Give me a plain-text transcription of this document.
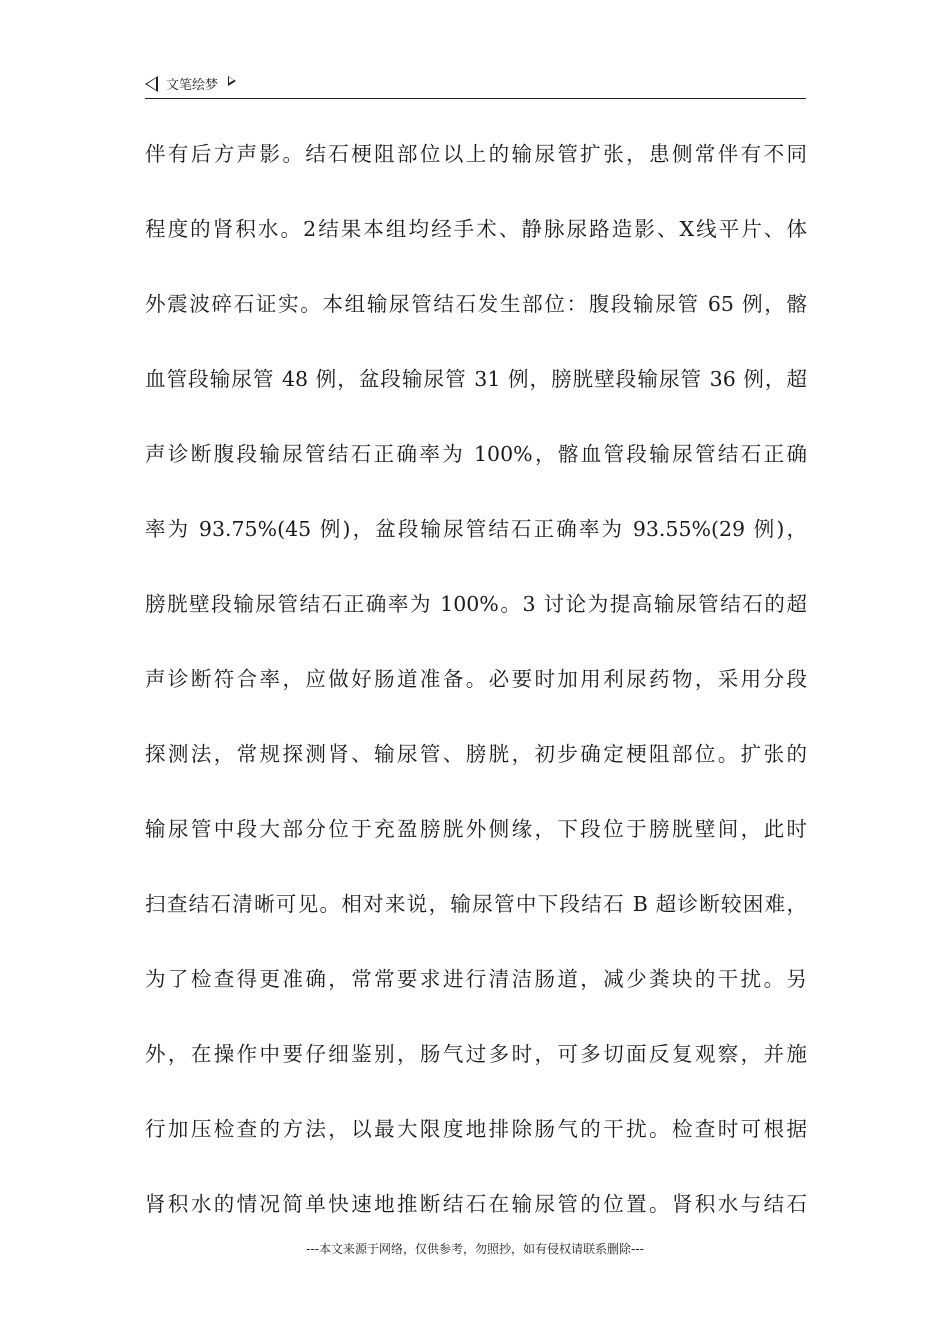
文笔绘梦
伴有后方声影。结石梗阻部位以上的输尿管扩张，患侧常伴有不同
程度的肾积水。2结果本组均经手术、静脉尿路造影、X线平片、体
外震波碎石证实。本组输尿管结石发生部位：腹段输尿管 65 例，髂
血管段输尿管 48 例，盆段输尿管 31 例，膀胱壁段输尿管 36 例，超
声诊断腹段输尿管结石正确率为 100%，髂血管段输尿管结石正确
率为 93.75%(45 例)，盆段输尿管结石正确率为 93.55%(29 例)，
膀胱壁段输尿管结石正确率为 100%。3 讨论为提高输尿管结石的超
声诊断符合率，应做好肠道准备。必要时加用利尿药物，采用分段
探测法，常规探测肾、输尿管、膀胱，初步确定梗阻部位。扩张的
输尿管中段大部分位于充盈膀胱外侧缘，下段位于膀胱壁间，此时
扫查结石清晰可见。相对来说，输尿管中下段结石 B 超诊断较困难，
为了检查得更准确，常常要求进行清洁肠道，减少粪块的干扰。另
外，在操作中要仔细鉴别，肠气过多时，可多切面反复观察，并施
行加压检查的方法，以最大限度地排除肠气的干扰。检查时可根据
肾积水的情况简单快速地推断结石在输尿管的位置。肾积水与结石
---本文来源于网络，仅供参考，勿照抄，如有侵权请联系删除---
